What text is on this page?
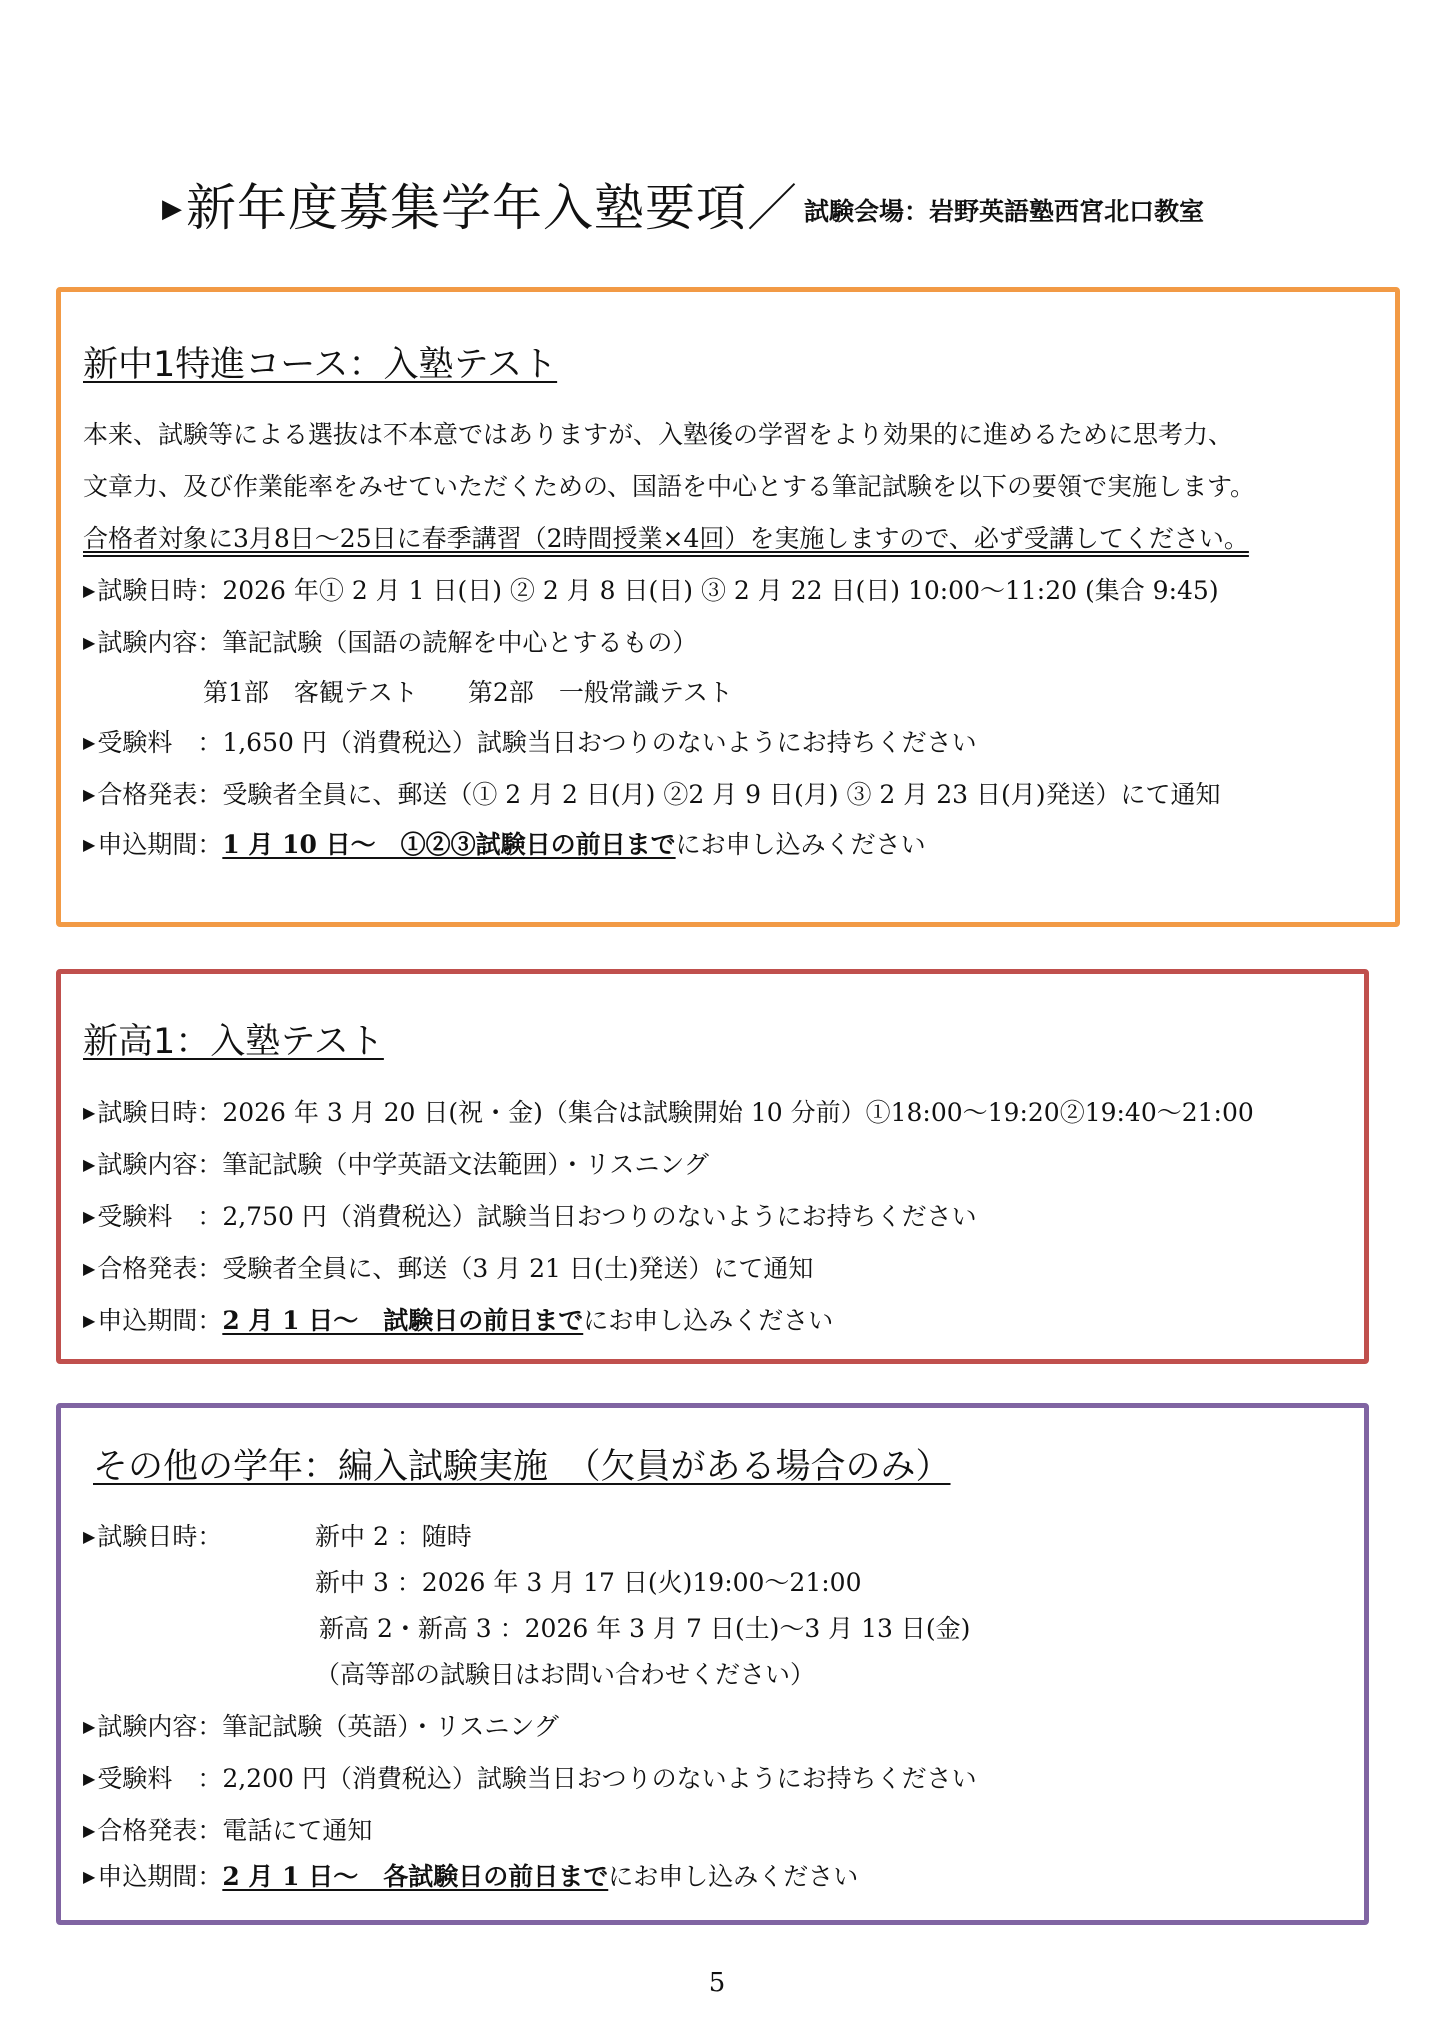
▶ 新年度募集学年入塾要項／ 試験会場：岩野英語塾西宮北口教室
新中1特進コース：入塾テスト
本来、試験等による選抜は不本意ではありますが、入塾後の学習をより効果的に進めるために思考力、
文章力、及び作業能率をみせていただくための、国語を中心とする筆記試験を以下の要領で実施します。
合格者対象に3月8日～25日に春季講習（2時間授業×4回）を実施しますので、必ず受講してください。
▶試験日時：2026 年① 2 月 1 日(日) ② 2 月 8 日(日) ③ 2 月 22 日(日) 10:00～11:20 (集合 9:45)
▶試験内容：筆記試験（国語の読解を中心とするもの）
第1部　客観テスト　　第2部　一般常識テスト
▶受験料　：1,650 円（消費税込）試験当日おつりのないようにお持ちください
▶合格発表：受験者全員に、郵送（① 2 月 2 日(月) ②2 月 9 日(月) ③ 2 月 23 日(月)発送）にて通知
▶申込期間：1 月 10 日～　①②③試験日の前日までにお申し込みください
新高1：入塾テスト
▶試験日時：2026 年 3 月 20 日(祝・金)（集合は試験開始 10 分前）①18:00～19:20②19:40～21:00
▶試験内容：筆記試験（中学英語文法範囲）・リスニング
▶受験料　：2,750 円（消費税込）試験当日おつりのないようにお持ちください
▶合格発表：受験者全員に、郵送（3 月 21 日(土)発送）にて通知
▶申込期間：2 月 1 日～　試験日の前日までにお申し込みください
その他の学年：編入試験実施　（欠員がある場合のみ）
▶試験日時：	新中 2 ：随時
新中 3 ：2026 年 3 月 17 日(火)19:00～21:00
新高 2・新高 3 ：2026 年 3 月 7 日(土)～3 月 13 日(金)
（高等部の試験日はお問い合わせください）
▶試験内容：筆記試験（英語）・リスニング
▶受験料　：2,200 円（消費税込）試験当日おつりのないようにお持ちください
▶合格発表：電話にて通知
▶申込期間：2 月 1 日～　各試験日の前日までにお申し込みください
5
